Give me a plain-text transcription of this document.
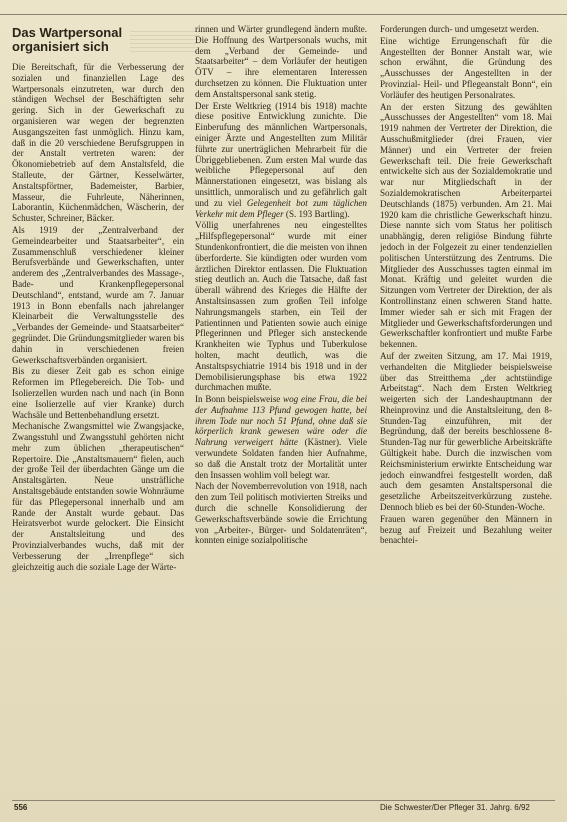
Das Wartpersonal organisiert sich

Die Bereitschaft, für die Verbesserung der sozialen und finanziellen Lage des Wartpersonals einzutreten, war durch den ständigen Wechsel der Beschäftigten sehr gering. Sich in der Gewerkschaft zu organisieren war wegen der begrenzten Ausgangszeiten fast unmöglich. Hinzu kam, daß in die 20 verschiedene Berufsgruppen in der Anstalt vertreten waren: der Ökonomiebetrieb auf dem Anstaltsfeld, die Stalleute, der Gärtner, Kesselwärter, Anstaltspförtner, Bademeister, Barbier, Masseur, die Fuhrleute, Näherinnen, Laborantin, Küchenmädchen, Wäscherin, der Schuster, Schreiner, Bäcker.

Als 1919 der „Zentralverband der Gemeindearbeiter und Staatsarbeiter“, ein Zusammenschluß verschiedener kleiner Berufsverbände und Gewerkschaften, unter anderem des „Zentralverbandes des Massage-, Bade- und Krankenpflegepersonal Deutschland“, entstand, wurde am 7. Januar 1913 in Bonn ebenfalls nach jahrelanger Kleinarbeit die Verwaltungsstelle des „Verbandes der Gemeinde- und Staatsarbeiter“ gegründet. Die Gründungsmitglieder waren bis dahin in verschiedenen freien Gewerkschaftsverbänden organisiert.

Bis zu dieser Zeit gab es schon einige Reformen im Pflegebereich. Die Tob- und Isolierzellen wurden nach und nach (in Bonn eine Isolierzelle auf vier Kranke) durch Wachsäle und Bettenbehandlung ersetzt.

Mechanische Zwangsmittel wie Zwangsjacke, Zwangsstuhl und Zwangsstuhl gehörten nicht mehr zum üblichen „therapeutischen“ Repertoire. Die „Anstaltsmauern“ fielen, auch der große Teil der überdachten Gänge um die Anstaltsgärten. Neue unsträfliche Anstaltsgebäude entstanden sowie Wohnräume für das Pflegepersonal innerhalb und am Rande der Anstalt wurde gebaut. Das Heiratsverbot wurde gelockert. Die Einsicht der Anstaltsleitung und des Provinzialverbandes wuchs, daß mit der Verbesserung der „Irrenpflege“ sich gleichzeitig auch die soziale Lage der Wärte-

rinnen und Wärter grundlegend ändern mußte. Die Hoffnung des Wartpersonals wuchs, mit dem „Verband der Gemeinde- und Staatsarbeiter“ – dem Vorläufer der heutigen ÖTV – ihre elementaren Interessen durchsetzen zu können. Die Fluktuation unter dem Anstaltspersonal sank stetig.

Der Erste Weltkrieg (1914 bis 1918) machte diese positive Entwicklung zunichte. Die Einberufung des männlichen Wartpersonals, einiger Ärzte und Angestellten zum Militär führte zur unerträglichen Mehrarbeit für die Übriggebliebenen. Zum ersten Mal wurde das weibliche Pflegepersonal auf den Männerstationen eingesetzt, was bislang als unsittlich, unmoralisch und zu gefährlich galt und zu viel Gelegenheit bot zum täglichen Verkehr mit dem Pfleger (S. 193 Bartling).

Völlig unerfahrenes neu eingestelltes „Hilfspflegepersonal“ wurde mit einer Stundenkonfrontiert, die die meisten von ihnen überforderte. Sie kündigten oder wurden vom ärztlichen Direktor entlassen. Die Fluktuation stieg deutlich an. Auch die Tatsache, daß fast überall während des Krieges die Hälfte der Anstaltsinsassen zum großen Teil infolge Nahrungsmangels starben, ein Teil der Patientinnen und Patienten sowie auch einige Pflegerinnen und Pfleger sich ansteckende Krankheiten wie Typhus und Tuberkulose holten, macht deutlich, was die Anstaltspsychiatrie 1914 bis 1918 und in der Demobilisierungsphase bis etwa 1922 durchmachen mußte.

In Bonn beispielsweise wog eine Frau, die bei der Aufnahme 113 Pfund gewogen hatte, bei ihrem Tode nur noch 51 Pfund, ohne daß sie körperlich krank gewesen wäre oder die Nahrung verweigert hätte (Kästner). Viele verwundete Soldaten fanden hier Aufnahme, so daß die Anstalt trotz der Mortalität unter den Insassen wohlim voll belegt war.

Nach der Novemberrevolution von 1918, nach den zum Teil politisch motivierten Streiks und durch die schnelle Konsolidierung der Gewerkschaftsverbände sowie die Errichtung von „Arbeiter-, Bürger- und Soldatenräten“, konnten einige sozialpolitische

Forderungen durch- und umgesetzt werden.

Eine wichtige Errungenschaft für die Angestellten der Bonner Anstalt war, wie schon erwähnt, die Gründung des „Ausschusses der Angestellten in der Provinzial- Heil- und Pflegeanstalt Bonn“, ein Vorläufer des heutigen Personalrates.

An der ersten Sitzung des gewählten „Ausschusses der Angestellten“ vom 18. Mai 1919 nahmen der Vertreter der Direktion, die Ausschußmitglieder (drei Frauen, vier Männer) und ein Vertreter der freien Gewerkschaft teil. Die freie Gewerkschaft entwickelte sich aus der Sozialdemokratie und war nur Mitgliedschaft in der Sozialdemokratischen Arbeiterpartei Deutschlands (1875) verbunden. Am 21. Mai 1920 kam die christliche Gewerkschaft hinzu. Diese nannte sich vom Status her politisch unabhängig, deren religiöse Bindung führte jedoch in der Folgezeit zu einer tendenziellen politischen Unterstützung des Zentrums. Die Mitglieder des Ausschusses tagten einmal im Monat. Kräftig und geleitet wurden die Sitzungen vom Vertreter der Direktion, der als Kontrollinstanz einen schweren Stand hatte. Immer wieder sah er sich mit Fragen der Mitglieder und Gewerkschaftsforderungen und Gewerkschaftler konfrontiert und mußte Farbe bekennen.

Auf der zweiten Sitzung, am 17. Mai 1919, verhandelten die Mitglieder beispielsweise über das Streitthema „der achtstündige Arbeitstag“. Nach dem Ersten Weltkrieg weigerten sich der Landeshauptmann der Rheinprovinz und die Anstaltsleitung, den 8-Stunden-Tag einzuführen, mit der Begründung, daß der bereits beschlossene 8-Stunden-Tag nur für gewerbliche Arbeitskräfte Gültigkeit habe. Durch die inzwischen vom Reichsministerium erwirkte Entscheidung war jedoch einwandfrei festgestellt worden, daß auch dem gesamten Anstaltspersonal die gesetzliche Arbeitszeitverkürzung zustehe. Dennoch blieb es bei der 60-Stunden-Woche.

Frauen waren gegenüber den Männern in bezug auf Freizeit und Bezahlung weiter benachtei-

556	Die Schwester/Der Pfleger 31. Jahrg. 6/92
